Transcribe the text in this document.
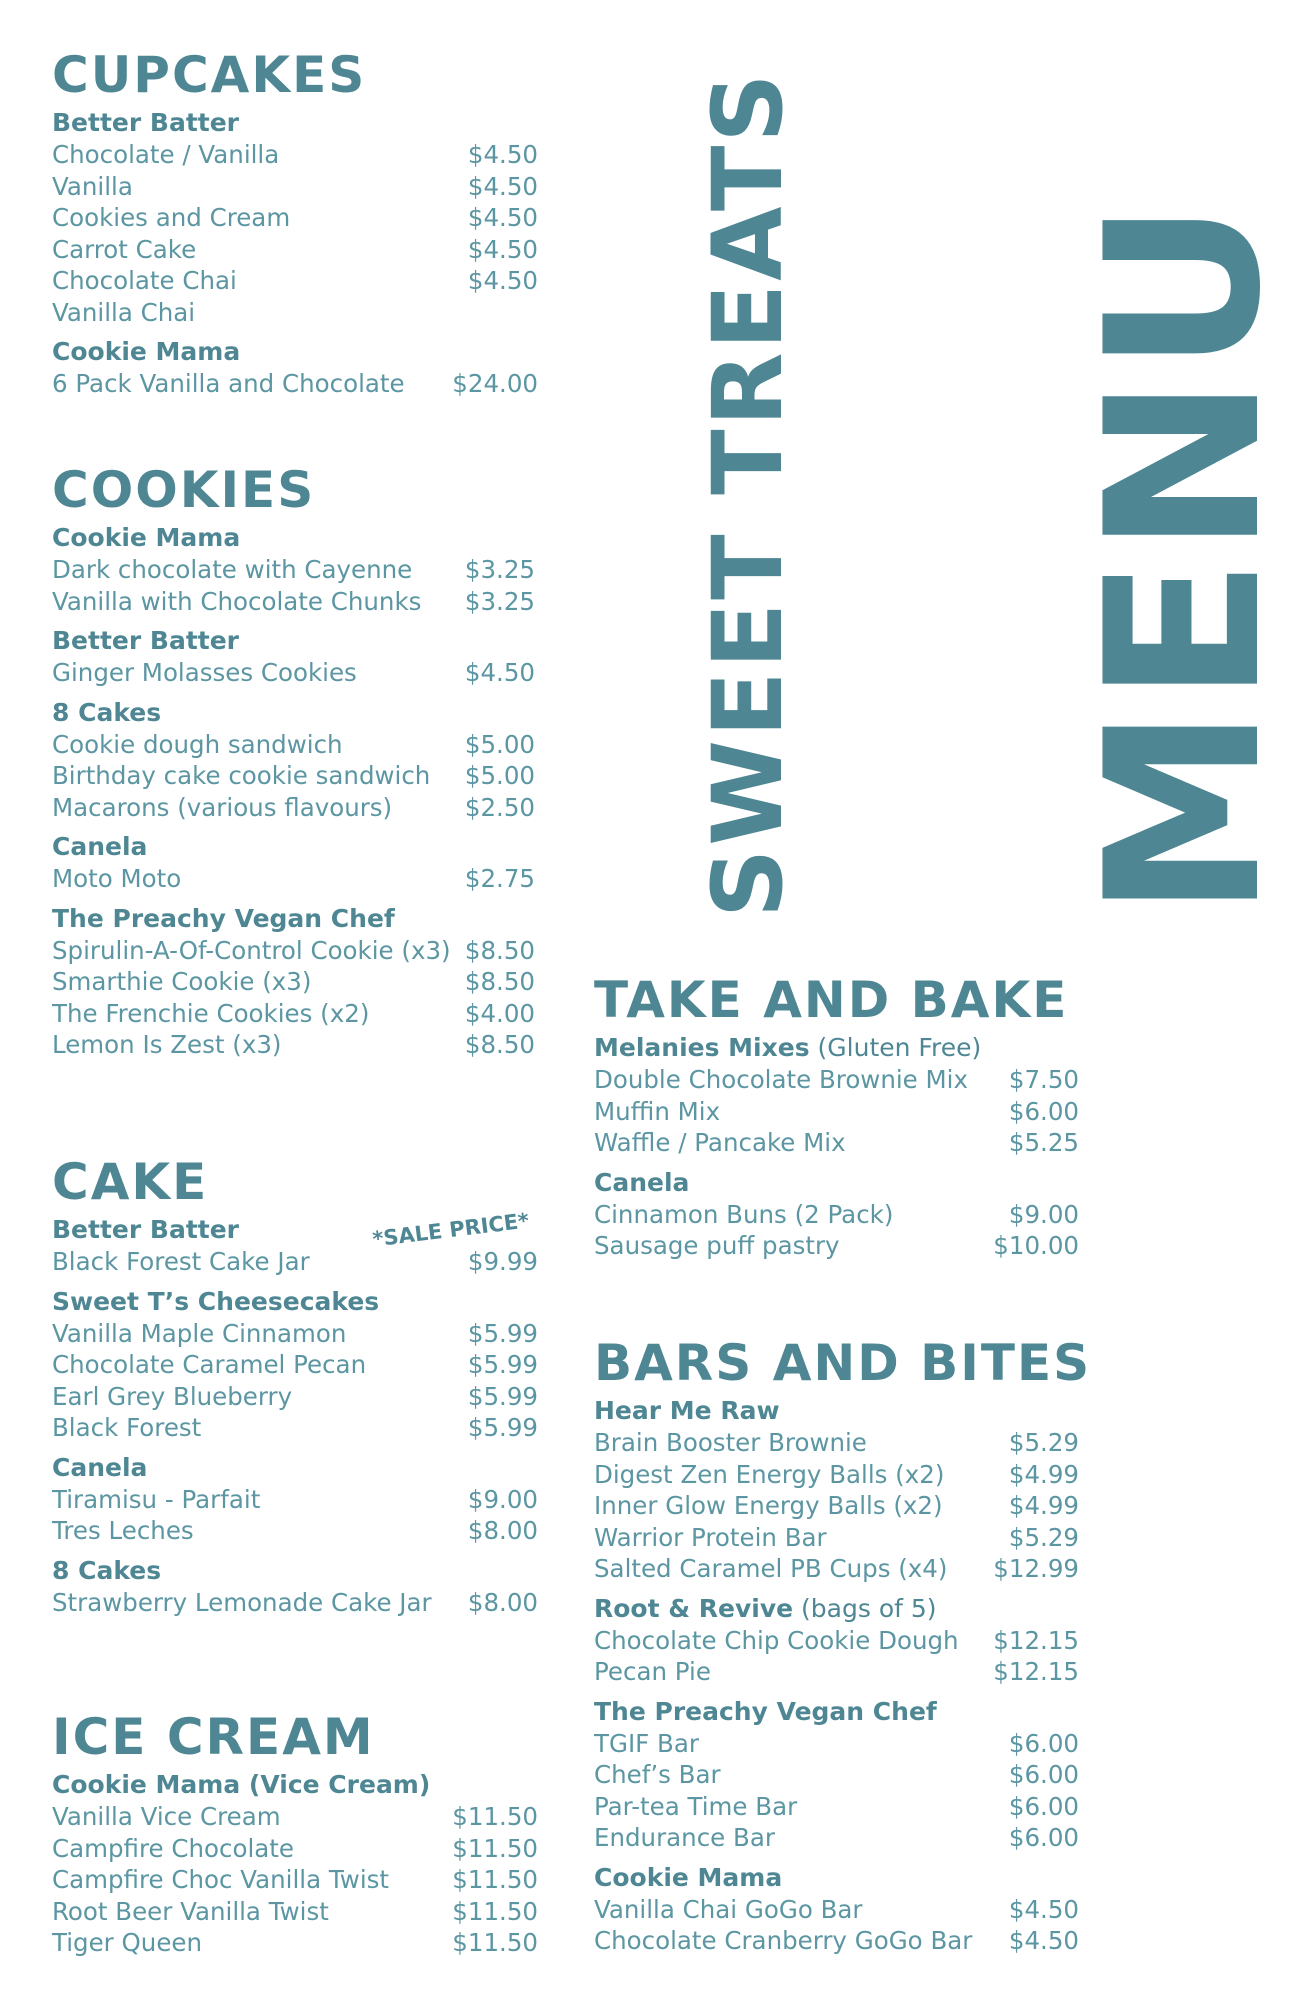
MENU
SWEET TREATS
CUPCAKES
Better Batter
Chocolate / Vanilla	$4.50
Vanilla	$4.50
Cookies and Cream	$4.50
Carrot Cake	$4.50
Chocolate Chai	$4.50
Vanilla Chai
Cookie Mama
6 Pack Vanilla and Chocolate $24.00
COOKIES
Cookie Mama
Dark chocolate with Cayenne $3.25
Vanilla with Chocolate Chunks $3.25
Better Batter
Ginger Molasses Cookies	$4.50
8 Cakes
Cookie dough sandwich	$5.00
Birthday cake cookie sandwich $5.00
Macarons (various flavours)	$2.50
Canela
Moto Moto	$2.75
The Preachy Vegan Chef
Spirulin-A-Of-Control Cookie (x3) $8.50
Smarthie Cookie (x3)	$8.50
The Frenchie Cookies (x2)	$4.00
Lemon Is Zest (x3)	$8.50
CAKE
Better Batter
Black Forest Cake Jar	$9.99
Sweet T’s Cheesecakes
Vanilla Maple Cinnamon	$5.99
Chocolate Caramel Pecan	$5.99
Earl Grey Blueberry	$5.99
Black Forest	$5.99
Canela
Tiramisu - Parfait	$9.00
Tres Leches	$8.00
8 Cakes
Strawberry Lemonade Cake Jar $8.00
*SALE PRICE*
ICE CREAM
Cookie Mama (Vice Cream)
Vanilla Vice Cream	$11.50
Campfire Chocolate	$11.50
Campfire Choc Vanilla Twist	$11.50
Root Beer Vanilla Twist	$11.50
Tiger Queen	$11.50
TAKE AND BAKE
Melanies Mixes (Gluten Free)
Double Chocolate Brownie Mix $7.50
Muffin Mix	$6.00
Waffle / Pancake Mix	$5.25
Canela
Cinnamon Buns (2 Pack)	$9.00
Sausage puff pastry	$10.00
BARS AND BITES
Hear Me Raw
Brain Booster Brownie	$5.29
Digest Zen Energy Balls (x2)	$4.99
Inner Glow Energy Balls (x2)	$4.99
Warrior Protein Bar	$5.29
Salted Caramel PB Cups (x4) $12.99
Root & Revive (bags of 5)
Chocolate Chip Cookie Dough $12.15
Pecan Pie	$12.15
The Preachy Vegan Chef
TGIF Bar	$6.00
Chef’s Bar	$6.00
Par-tea Time Bar	$6.00
Endurance Bar	$6.00
Cookie Mama
Vanilla Chai GoGo Bar	$4.50
Chocolate Cranberry GoGo Bar $4.50
